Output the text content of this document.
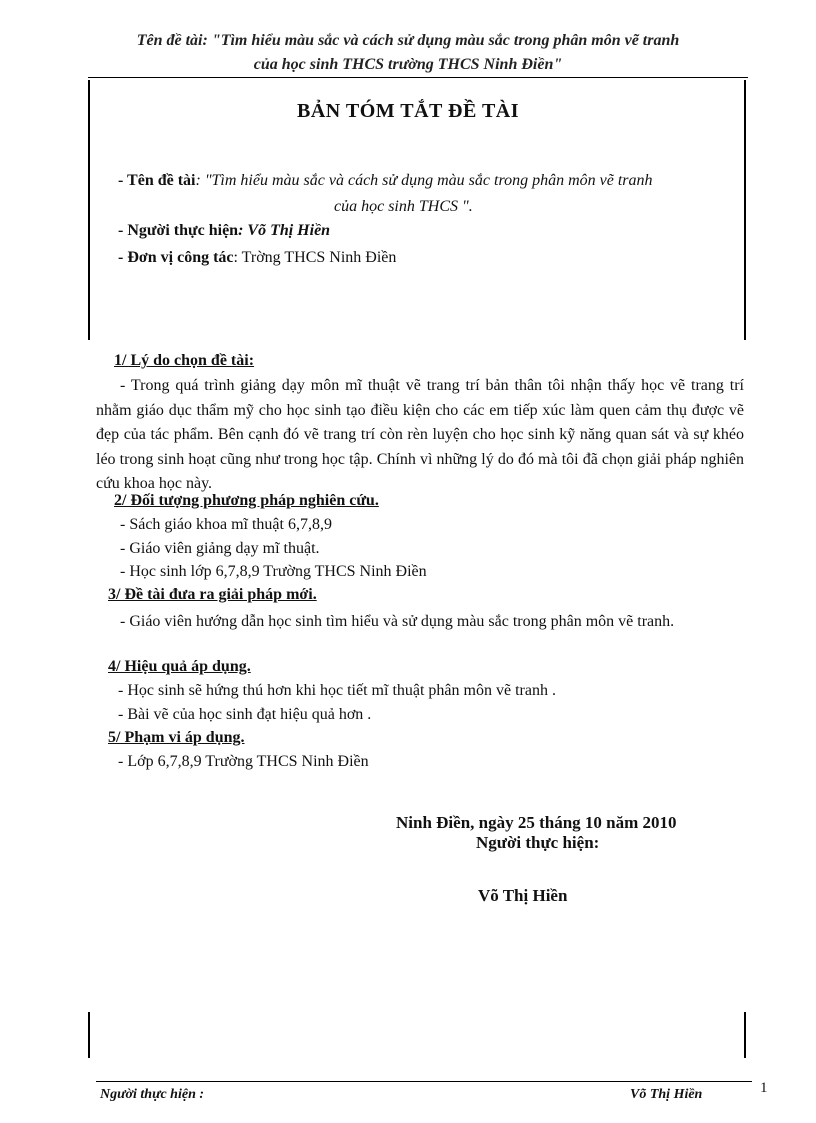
Tên đề tài: "Tìm hiểu màu sắc và cách sử dụng màu sắc trong phân môn vẽ tranh
của học sinh THCS trường THCS Ninh Điền"
BẢN TÓM TẮT ĐỀ TÀI
- Tên đề tài: "Tìm hiểu màu sắc và cách sử dụng màu sắc trong phân môn vẽ tranh
của học sinh THCS ".
- Người thực hiện: Võ Thị Hiền
- Đơn vị công tác: Trờng THCS Ninh Điền
1/ Lý do chọn đề tài:
- Trong quá trình giảng dạy môn mĩ thuật vẽ trang trí bản thân tôi nhận thấy học vẽ trang trí nhằm giáo dục thẩm mỹ cho học sinh tạo điều kiện cho các em tiếp xúc làm quen cảm thụ được vẽ đẹp của tác phẩm. Bên cạnh đó vẽ trang trí còn rèn luyện cho học sinh kỹ năng quan sát và sự khéo léo trong sinh hoạt cũng như trong học tập. Chính vì những lý do đó mà tôi đã chọn giải pháp nghiên cứu khoa học này.
2/ Đối tượng phương pháp nghiên cứu.
- Sách giáo khoa mĩ thuật 6,7,8,9
- Giáo viên giảng dạy mĩ thuật.
- Học sinh lớp 6,7,8,9 Trường THCS Ninh Điền
3/ Đề tài đưa ra giải pháp mới.
- Giáo viên hướng dẫn học sinh tìm hiểu và sử dụng màu sắc trong phân môn vẽ tranh.
4/ Hiệu quả áp dụng.
- Học sinh sẽ hứng thú hơn khi học tiết mĩ thuật phân môn vẽ tranh .
- Bài vẽ của học sinh đạt hiệu quả hơn .
5/ Phạm vi áp dụng.
- Lớp 6,7,8,9 Trường THCS Ninh Điền
Ninh Điền, ngày 25 tháng 10 năm 2010
Người thực hiện:
Võ Thị Hiền
Người thực hiện :	Võ Thị Hiền	1
